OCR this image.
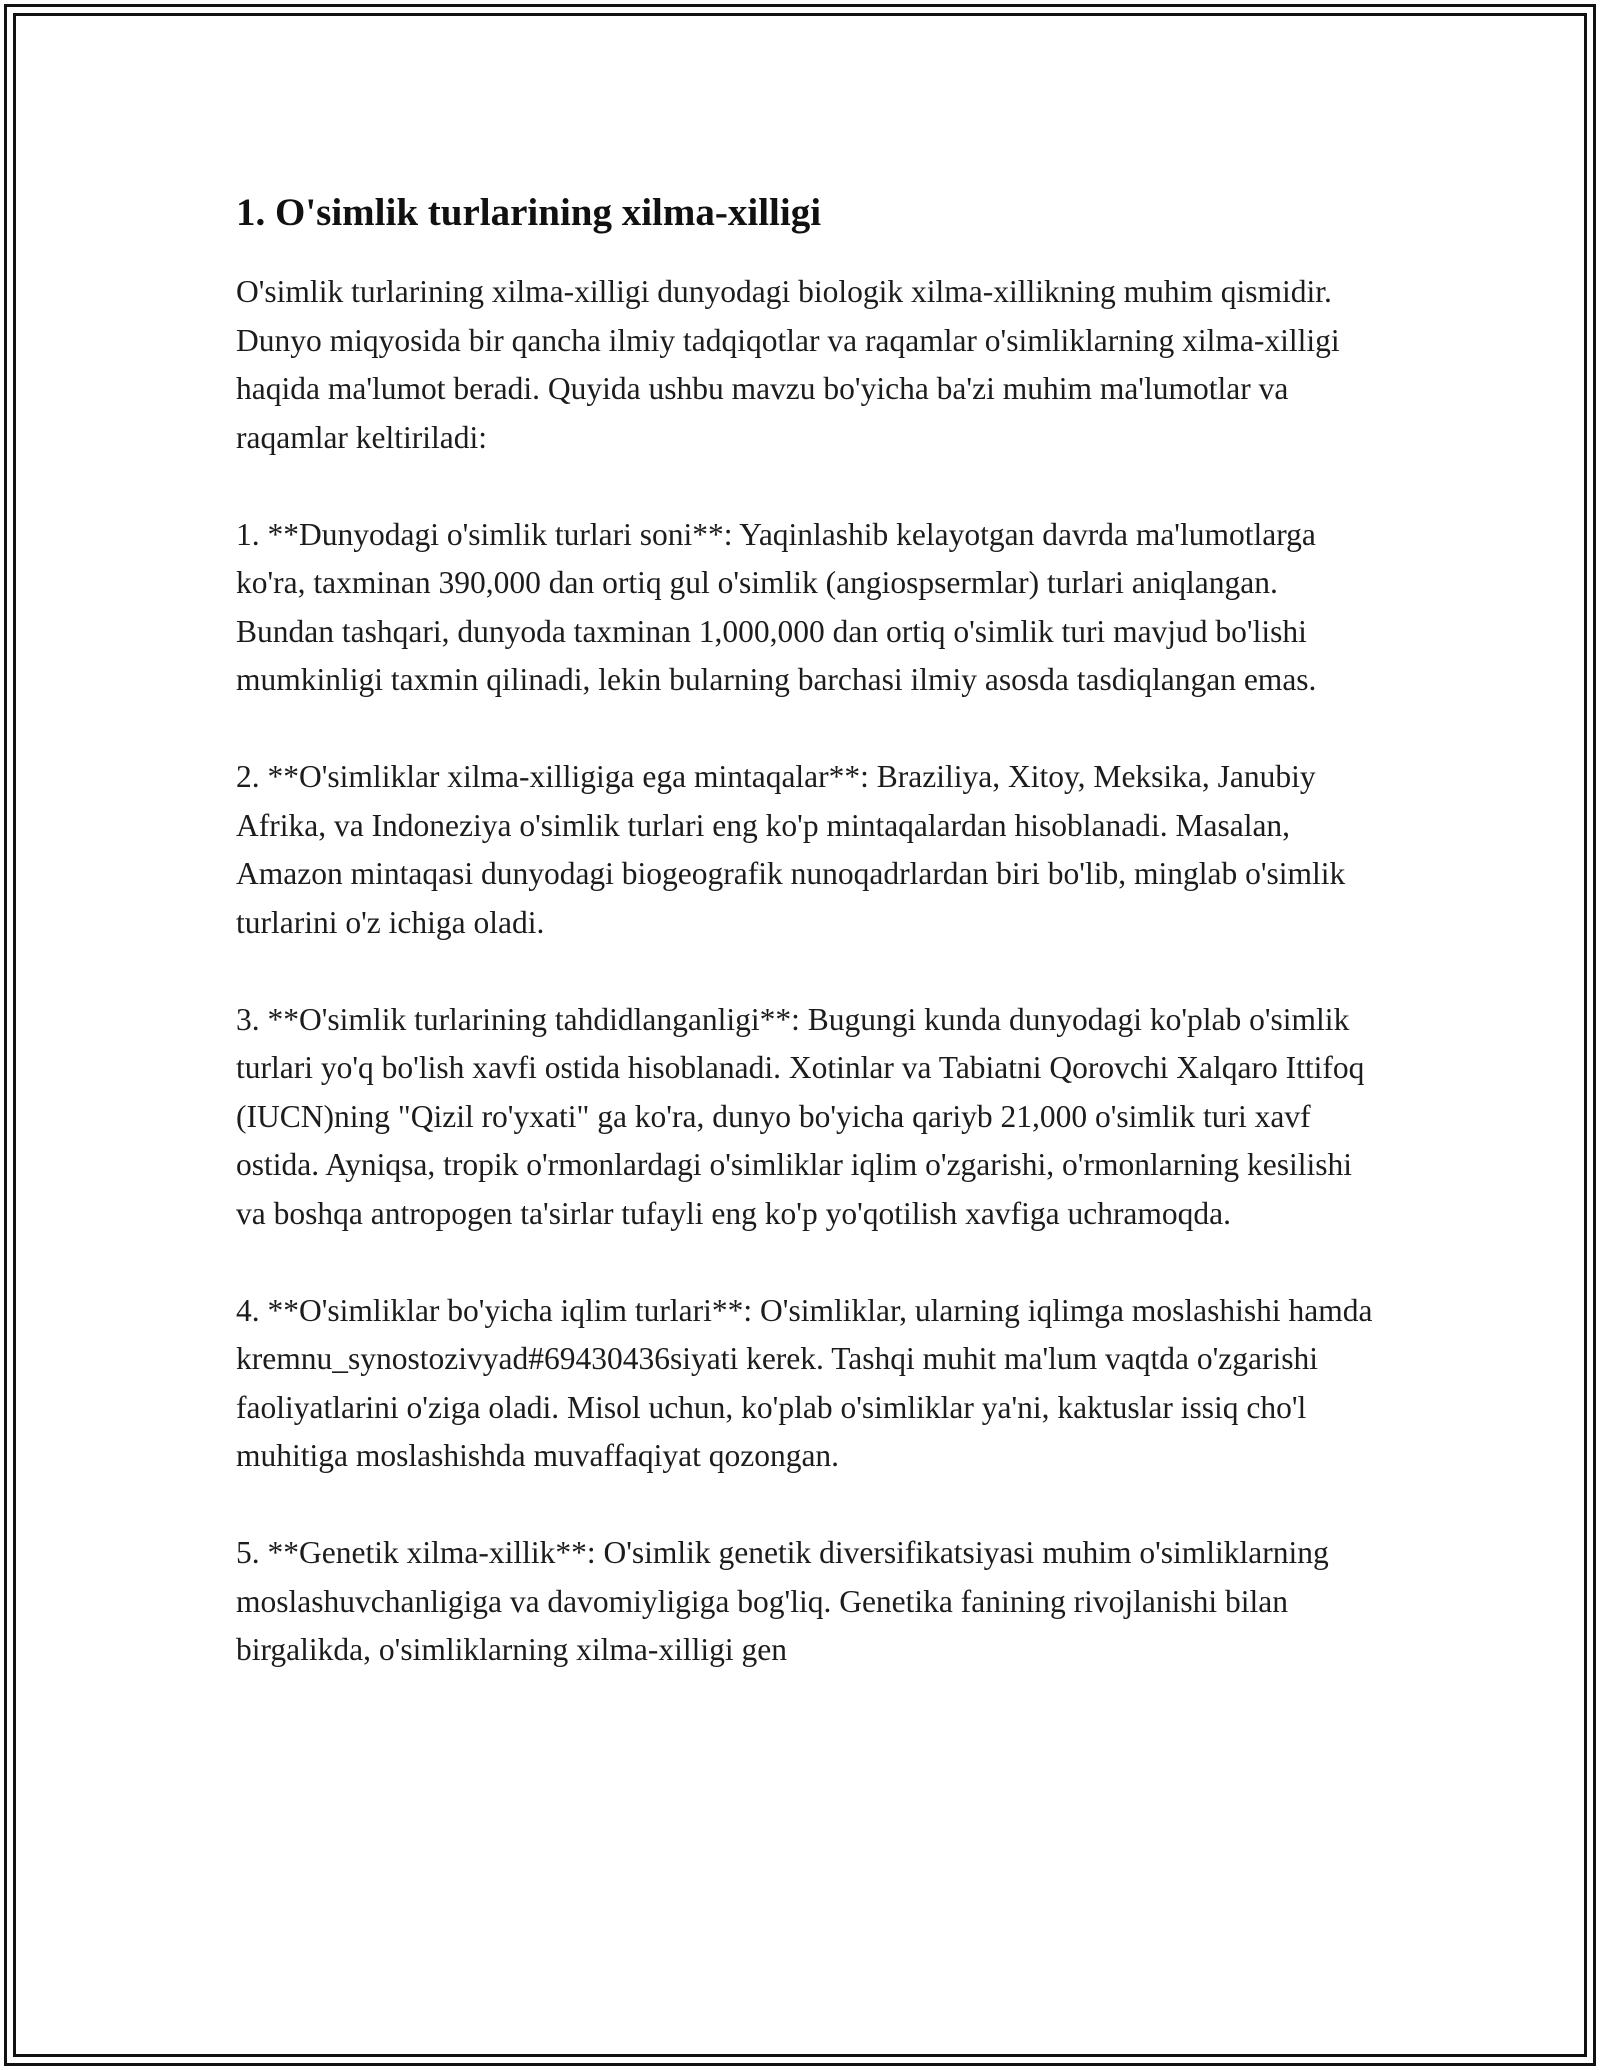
1. O'simlik turlarining xilma-xilligi

O'simlik turlarining xilma-xilligi dunyodagi biologik xilma-xillikning muhim qismidir. Dunyo miqyosida bir qancha ilmiy tadqiqotlar va raqamlar o'simliklarning xilma-xilligi haqida ma'lumot beradi. Quyida ushbu mavzu bo'yicha ba'zi muhim ma'lumotlar va raqamlar keltiriladi:

1. **Dunyodagi o'simlik turlari soni**: Yaqinlashib kelayotgan davrda ma'lumotlarga ko'ra, taxminan 390,000 dan ortiq gul o'simlik (angiospsermlar) turlari aniqlangan. Bundan tashqari, dunyoda taxminan 1,000,000 dan ortiq o'simlik turi mavjud bo'lishi mumkinligi taxmin qilinadi, lekin bularning barchasi ilmiy asosda tasdiqlangan emas.

2. **O'simliklar xilma-xilligiga ega mintaqalar**: Braziliya, Xitoy, Meksika, Janubiy Afrika, va Indoneziya o'simlik turlari eng ko'p mintaqalardan hisoblanadi. Masalan, Amazon mintaqasi dunyodagi biogeografik nunoqadrlardan biri bo'lib, minglab o'simlik turlarini o'z ichiga oladi.

3. **O'simlik turlarining tahdidlanganligi**: Bugungi kunda dunyodagi ko'plab o'simlik turlari yo'q bo'lish xavfi ostida hisoblanadi. Xotinlar va Tabiatni Qorovchi Xalqaro Ittifoq (IUCN)ning "Qizil ro'yxati" ga ko'ra, dunyo bo'yicha qariyb 21,000 o'simlik turi xavf ostida. Ayniqsa, tropik o'rmonlardagi o'simliklar iqlim o'zgarishi, o'rmonlarning kesilishi va boshqa antropogen ta'sirlar tufayli eng ko'p yo'qotilish xavfiga uchramoqda.

4. **O'simliklar bo'yicha iqlim turlari**: O'simliklar, ularning iqlimga moslashishi hamda kremnu_synostozivyad#69430436siyati kerek. Tashqi muhit ma'lum vaqtda o'zgarishi faoliyatlarini o'ziga oladi. Misol uchun, ko'plab o'simliklar ya'ni, kaktuslar issiq cho'l muhitiga moslashishda muvaffaqiyat qozongan.

5. **Genetik xilma-xillik**: O'simlik genetik diversifikatsiyasi muhim o'simliklarning moslashuvchanligiga va davomiyligiga bog'liq. Genetika fanining rivojlanishi bilan birgalikda, o'simliklarning xilma-xilligi gen
